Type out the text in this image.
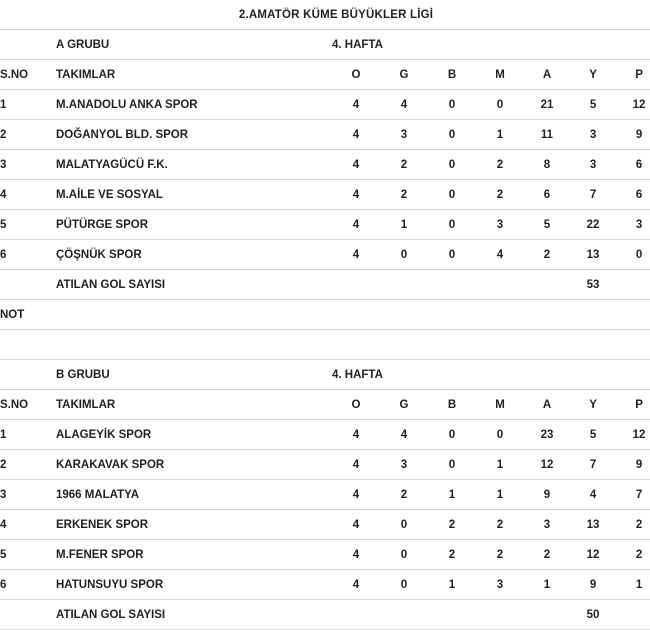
	2.AMATÖR KÜME BÜYÜKLER LİGİ							
	A GRUBU	4. HAFTA						
S.NO	TAKIMLAR	O	G	B	M	A	Y	P
1	M.ANADOLU ANKA SPOR	4	4	0	0	21	5	12
2	DOĞANYOL BLD. SPOR	4	3	0	1	11	3	9
3	MALATYAGÜCÜ F.K.	4	2	0	2	8	3	6
4	M.AİLE VE SOSYAL	4	2	0	2	6	7	6
5	PÜTÜRGE SPOR	4	1	0	3	5	22	3
6	ÇÖŞNÜK SPOR	4	0	0	4	2	13	0
	ATILAN GOL SAYISI						53	
NOT								

	B GRUBU	4. HAFTA						
S.NO	TAKIMLAR	O	G	B	M	A	Y	P
1	ALAGEYİK SPOR	4	4	0	0	23	5	12
2	KARAKAVAK SPOR	4	3	0	1	12	7	9
3	1966 MALATYA	4	2	1	1	9	4	7
4	ERKENEK SPOR	4	0	2	2	3	13	2
5	M.FENER SPOR	4	0	2	2	2	12	2
6	HATUNSUYU SPOR	4	0	1	3	1	9	1
	ATILAN GOL SAYISI						50	
